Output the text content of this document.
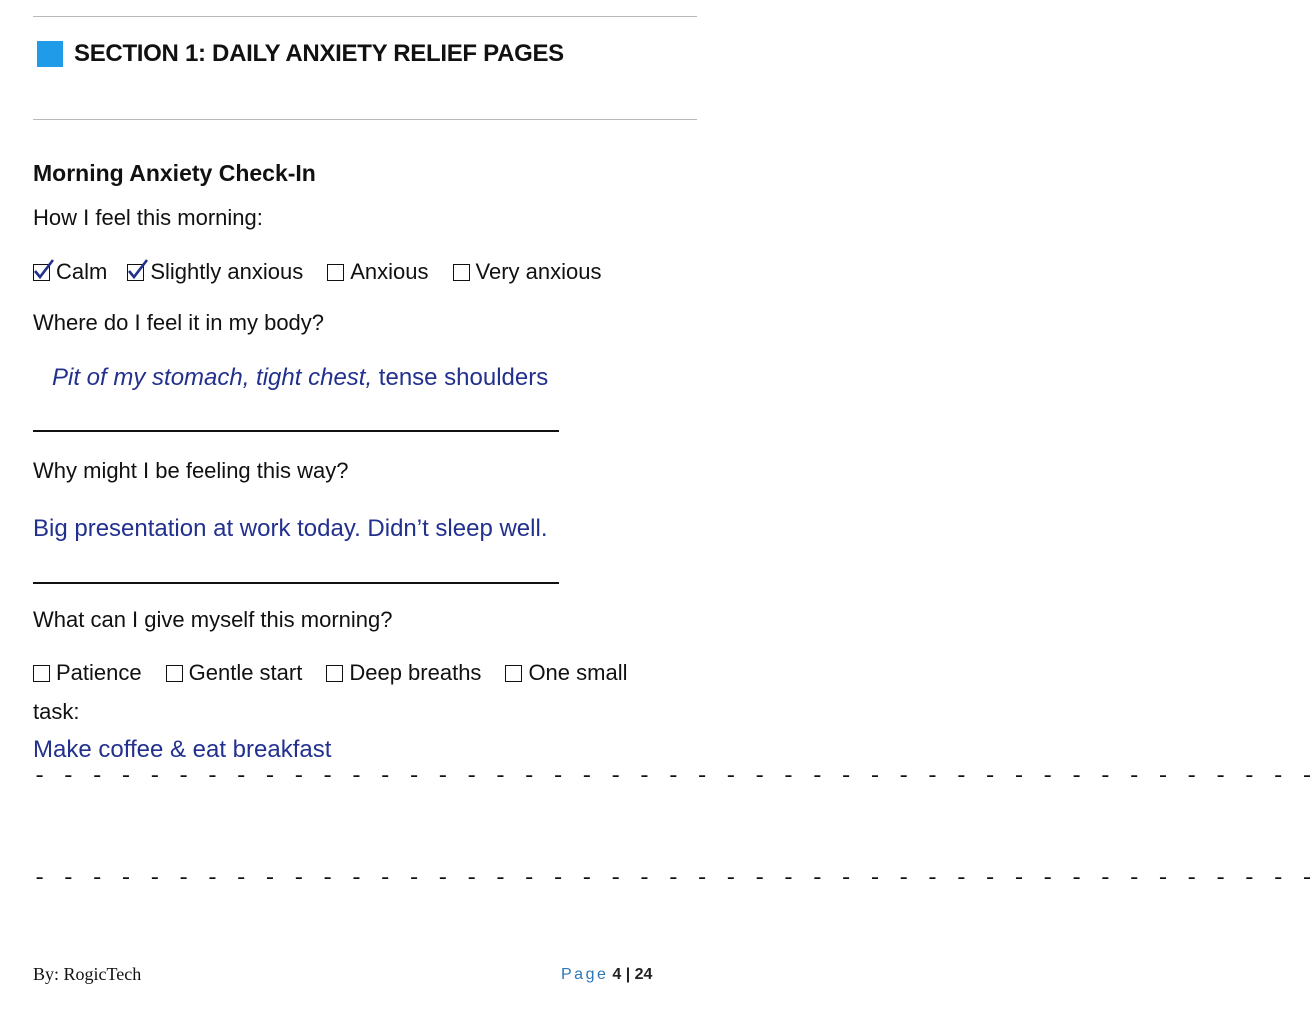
SECTION 1: DAILY ANXIETY RELIEF PAGES
Morning Anxiety Check-In
How I feel this morning:
Calm Slightly anxious Anxious Very anxious
Where do I feel it in my body?
Pit of my stomach, tight chest, tense shoulders
Why might I be feeling this way?
Big presentation at work today. Didn’t sleep well.
What can I give myself this morning?
Patience Gentle start Deep breaths One small
task:
Make coffee & eat breakfast
- - - - - - - - - - - - - - - - - - - - - - - - - - - - - - - - - - - - - - - - - - - - -
- - - - - - - - - - - - - - - - - - - - - - - - - - - - - - - - - - - - - - - - - - - - -
By: RogicTech	Page 4 | 24
